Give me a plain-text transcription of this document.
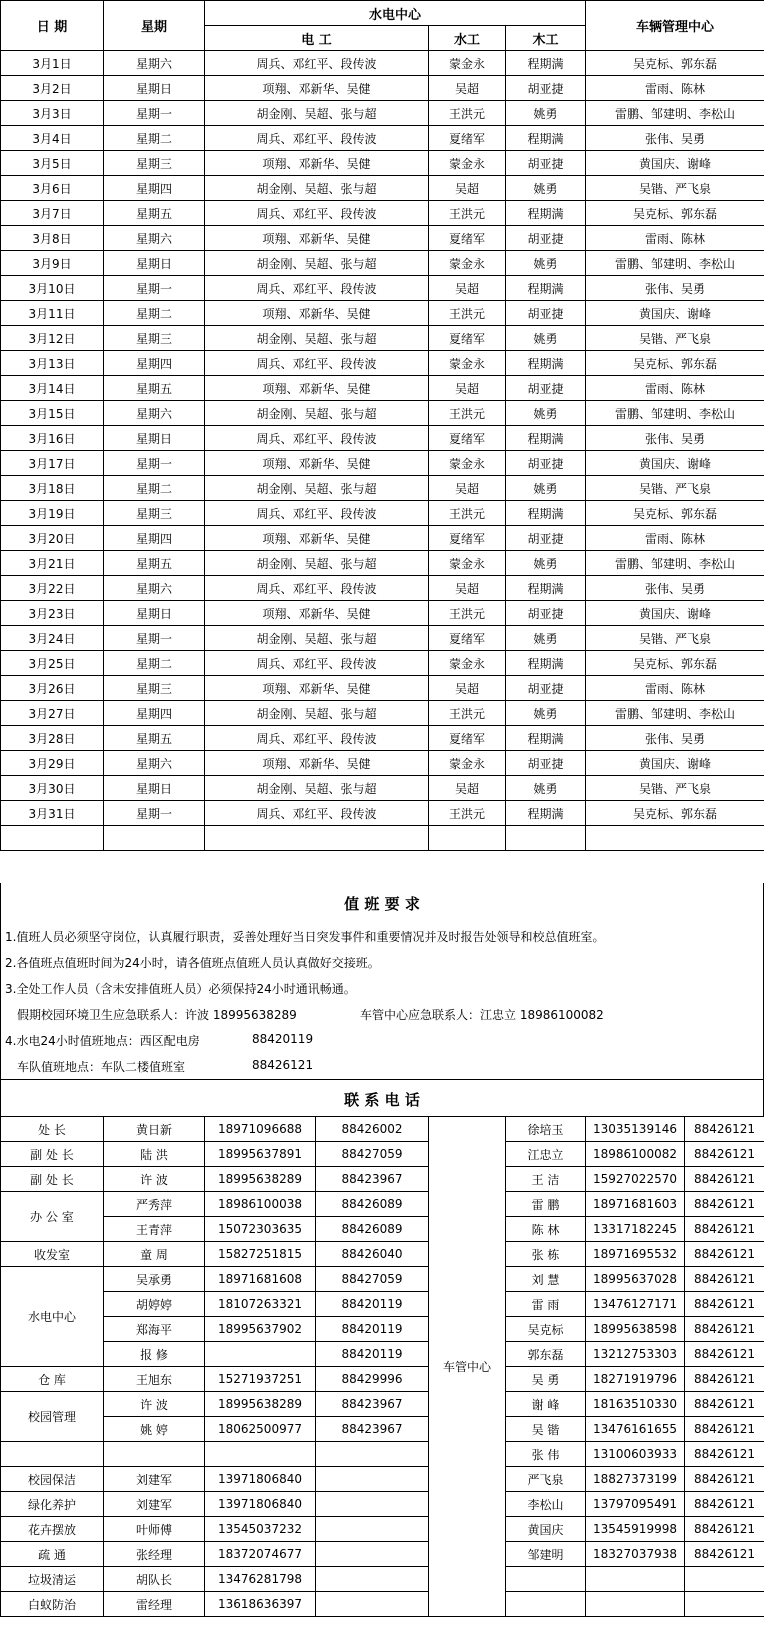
日 期	星期	水电中心			车辆管理中心
		电 工	水工	木工	
3月1日	星期六	周兵、邓红平、段传波	蒙金永	程期满	吴克标、郭东磊
3月2日	星期日	项翔、邓新华、吴健	吴超	胡亚捷	雷雨、陈林
3月3日	星期一	胡金刚、吴超、张与超	王洪元	姚勇	雷鹏、邹建明、李松山
3月4日	星期二	周兵、邓红平、段传波	夏绪军	程期满	张伟、吴勇
3月5日	星期三	项翔、邓新华、吴健	蒙金永	胡亚捷	黄国庆、谢峰
3月6日	星期四	胡金刚、吴超、张与超	吴超	姚勇	吴锴、严飞泉
3月7日	星期五	周兵、邓红平、段传波	王洪元	程期满	吴克标、郭东磊
3月8日	星期六	项翔、邓新华、吴健	夏绪军	胡亚捷	雷雨、陈林
3月9日	星期日	胡金刚、吴超、张与超	蒙金永	姚勇	雷鹏、邹建明、李松山
3月10日	星期一	周兵、邓红平、段传波	吴超	程期满	张伟、吴勇
3月11日	星期二	项翔、邓新华、吴健	王洪元	胡亚捷	黄国庆、谢峰
3月12日	星期三	胡金刚、吴超、张与超	夏绪军	姚勇	吴锴、严飞泉
3月13日	星期四	周兵、邓红平、段传波	蒙金永	程期满	吴克标、郭东磊
3月14日	星期五	项翔、邓新华、吴健	吴超	胡亚捷	雷雨、陈林
3月15日	星期六	胡金刚、吴超、张与超	王洪元	姚勇	雷鹏、邹建明、李松山
3月16日	星期日	周兵、邓红平、段传波	夏绪军	程期满	张伟、吴勇
3月17日	星期一	项翔、邓新华、吴健	蒙金永	胡亚捷	黄国庆、谢峰
3月18日	星期二	胡金刚、吴超、张与超	吴超	姚勇	吴锴、严飞泉
3月19日	星期三	周兵、邓红平、段传波	王洪元	程期满	吴克标、郭东磊
3月20日	星期四	项翔、邓新华、吴健	夏绪军	胡亚捷	雷雨、陈林
3月21日	星期五	胡金刚、吴超、张与超	蒙金永	姚勇	雷鹏、邹建明、李松山
3月22日	星期六	周兵、邓红平、段传波	吴超	程期满	张伟、吴勇
3月23日	星期日	项翔、邓新华、吴健	王洪元	胡亚捷	黄国庆、谢峰
3月24日	星期一	胡金刚、吴超、张与超	夏绪军	姚勇	吴锴、严飞泉
3月25日	星期二	周兵、邓红平、段传波	蒙金永	程期满	吴克标、郭东磊
3月26日	星期三	项翔、邓新华、吴健	吴超	胡亚捷	雷雨、陈林
3月27日	星期四	胡金刚、吴超、张与超	王洪元	姚勇	雷鹏、邹建明、李松山
3月28日	星期五	周兵、邓红平、段传波	夏绪军	程期满	张伟、吴勇
3月29日	星期六	项翔、邓新华、吴健	蒙金永	胡亚捷	黄国庆、谢峰
3月30日	星期日	胡金刚、吴超、张与超	吴超	姚勇	吴锴、严飞泉
3月31日	星期一	周兵、邓红平、段传波	王洪元	程期满	吴克标、郭东磊

值 班 要 求
1.值班人员必须坚守岗位，认真履行职责，妥善处理好当日突发事件和重要情况并及时报告处领导和校总值班室。
2.各值班点值班时间为24小时，请各值班点值班人员认真做好交接班。
3.全处工作人员（含未安排值班人员）必须保持24小时通讯畅通。
假期校园环境卫生应急联系人：许波 18995638289	车管中心应急联系人：江忠立 18986100082
4.水电24小时值班地点：西区配电房	88420119
车队值班地点：车队二楼值班室	88426121
联 系 电 话
处 长	黄日新	18971096688	88426002	车管中心	徐培玉	13035139146	88426121
副 处 长	陆 洪	18995637891	88427059		江忠立	18986100082	88426121
副 处 长	许 波	18995638289	88423967		王 洁	15927022570	88426121
办 公 室	严秀萍	18986100038	88426089		雷 鹏	18971681603	88426121
	王青萍	15072303635	88426089		陈 林	13317182245	88426121
收发室	童 周	15827251815	88426040		张 栋	18971695532	88426121
水电中心	吴承勇	18971681608	88427059		刘 慧	18995637028	88426121
	胡婷婷	18107263321	88420119		雷 雨	13476127171	88426121
	郑海平	18995637902	88420119		吴克标	18995638598	88426121
	报 修		88420119		郭东磊	13212753303	88426121
仓 库	王旭东	15271937251	88429996		吴 勇	18271919796	88426121
校园管理	许 波	18995638289	88423967		谢 峰	18163510330	88426121
	姚 婷	18062500977	88423967		吴 锴	13476161655	88426121
					张 伟	13100603933	88426121
校园保洁	刘建军	13971806840			严飞泉	18827373199	88426121
绿化养护	刘建军	13971806840			李松山	13797095491	88426121
花卉摆放	叶师傅	13545037232			黄国庆	13545919998	88426121
疏 通	张经理	18372074677			邹建明	18327037938	88426121
垃圾清运	胡队长	13476281798					
白蚁防治	雷经理	13618636397					
